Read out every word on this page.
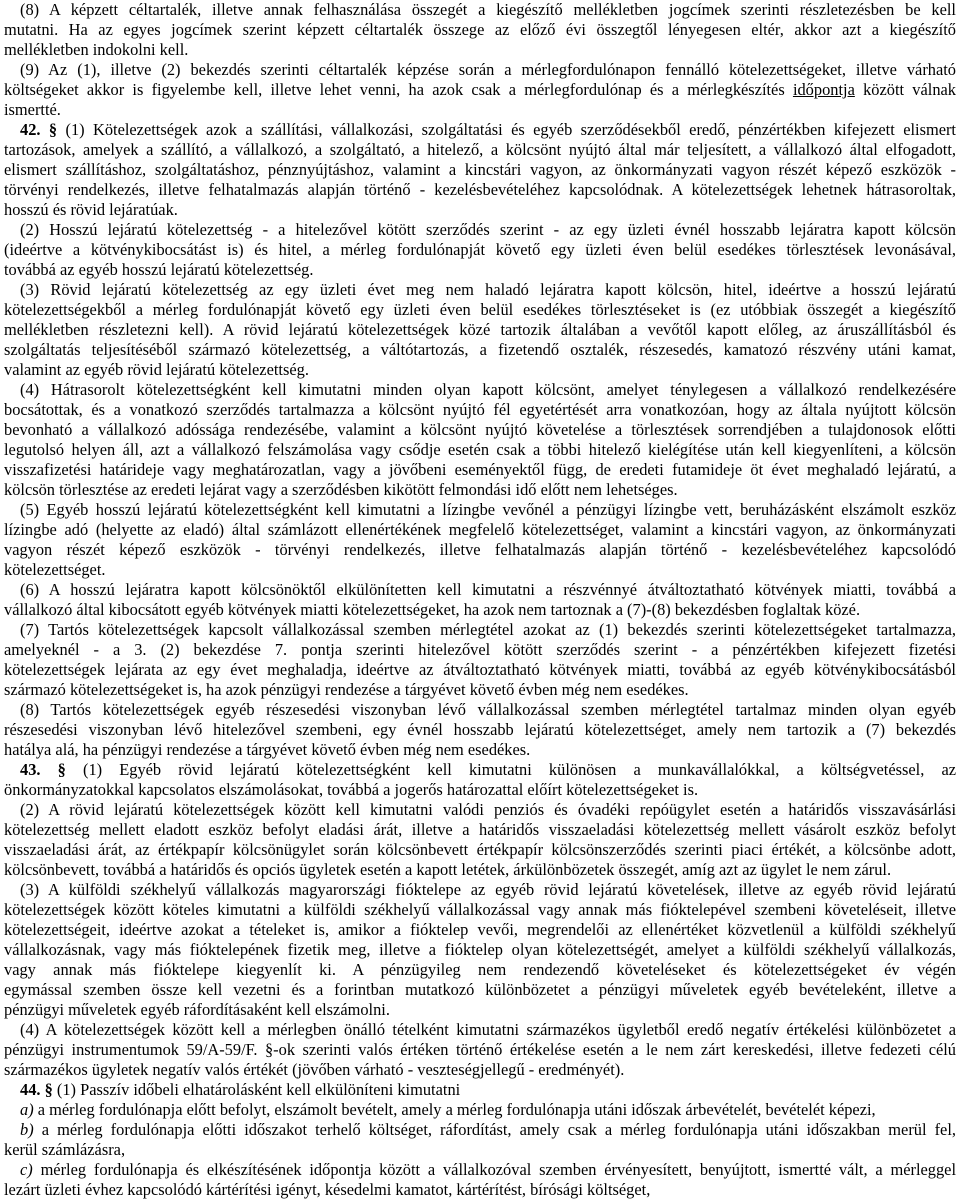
(8) A képzett céltartalék, illetve annak felhasználása összegét a kiegészítő mellékletben jogcímek szerinti részletezésben be kell
mutatni. Ha az egyes jogcímek szerint képzett céltartalék összege az előző évi összegtől lényegesen eltér, akkor azt a kiegészítő
mellékletben indokolni kell.
(9) Az (1), illetve (2) bekezdés szerinti céltartalék képzése során a mérlegfordulónapon fennálló kötelezettségeket, illetve várható
költségeket akkor is figyelembe kell, illetve lehet venni, ha azok csak a mérlegfordulónap és a mérlegkészítés időpontja között válnak
ismertté.
42. § (1) Kötelezettségek azok a szállítási, vállalkozási, szolgáltatási és egyéb szerződésekből eredő, pénzértékben kifejezett elismert
tartozások, amelyek a szállító, a vállalkozó, a szolgáltató, a hitelező, a kölcsönt nyújtó által már teljesített, a vállalkozó által elfogadott,
elismert szállításhoz, szolgáltatáshoz, pénznyújtáshoz, valamint a kincstári vagyon, az önkormányzati vagyon részét képező eszközök -
törvényi rendelkezés, illetve felhatalmazás alapján történő - kezelésbevételéhez kapcsolódnak. A kötelezettségek lehetnek hátrasoroltak,
hosszú és rövid lejáratúak.
(2) Hosszú lejáratú kötelezettség - a hitelezővel kötött szerződés szerint - az egy üzleti évnél hosszabb lejáratra kapott kölcsön
(ideértve a kötvénykibocsátást is) és hitel, a mérleg fordulónapját követő egy üzleti éven belül esedékes törlesztések levonásával,
továbbá az egyéb hosszú lejáratú kötelezettség.
(3) Rövid lejáratú kötelezettség az egy üzleti évet meg nem haladó lejáratra kapott kölcsön, hitel, ideértve a hosszú lejáratú
kötelezettségekből a mérleg fordulónapját követő egy üzleti éven belül esedékes törlesztéseket is (ez utóbbiak összegét a kiegészítő
mellékletben részletezni kell). A rövid lejáratú kötelezettségek közé tartozik általában a vevőtől kapott előleg, az áruszállításból és
szolgáltatás teljesítéséből származó kötelezettség, a váltótartozás, a fizetendő osztalék, részesedés, kamatozó részvény utáni kamat,
valamint az egyéb rövid lejáratú kötelezettség.
(4) Hátrasorolt kötelezettségként kell kimutatni minden olyan kapott kölcsönt, amelyet ténylegesen a vállalkozó rendelkezésére
bocsátottak, és a vonatkozó szerződés tartalmazza a kölcsönt nyújtó fél egyetértését arra vonatkozóan, hogy az általa nyújtott kölcsön
bevonható a vállalkozó adóssága rendezésébe, valamint a kölcsönt nyújtó követelése a törlesztések sorrendjében a tulajdonosok előtti
legutolsó helyen áll, azt a vállalkozó felszámolása vagy csődje esetén csak a többi hitelező kielégítése után kell kiegyenlíteni, a kölcsön
visszafizetési határideje vagy meghatározatlan, vagy a jövőbeni eseményektől függ, de eredeti futamideje öt évet meghaladó lejáratú, a
kölcsön törlesztése az eredeti lejárat vagy a szerződésben kikötött felmondási idő előtt nem lehetséges.
(5) Egyéb hosszú lejáratú kötelezettségként kell kimutatni a lízingbe vevőnél a pénzügyi lízingbe vett, beruházásként elszámolt eszköz
lízingbe adó (helyette az eladó) által számlázott ellenértékének megfelelő kötelezettséget, valamint a kincstári vagyon, az önkormányzati
vagyon részét képező eszközök - törvényi rendelkezés, illetve felhatalmazás alapján történő - kezelésbevételéhez kapcsolódó
kötelezettséget.
(6) A hosszú lejáratra kapott kölcsönöktől elkülönítetten kell kimutatni a részvénnyé átváltoztatható kötvények miatti, továbbá a
vállalkozó által kibocsátott egyéb kötvények miatti kötelezettségeket, ha azok nem tartoznak a (7)-(8) bekezdésben foglaltak közé.
(7) Tartós kötelezettségek kapcsolt vállalkozással szemben mérlegtétel azokat az (1) bekezdés szerinti kötelezettségeket tartalmazza,
amelyeknél - a 3. (2) bekezdése 7. pontja szerinti hitelezővel kötött szerződés szerint - a pénzértékben kifejezett fizetési
kötelezettségek lejárata az egy évet meghaladja, ideértve az átváltoztatható kötvények miatti, továbbá az egyéb kötvénykibocsátásból
származó kötelezettségeket is, ha azok pénzügyi rendezése a tárgyévet követő évben még nem esedékes.
(8) Tartós kötelezettségek egyéb részesedési viszonyban lévő vállalkozással szemben mérlegtétel tartalmaz minden olyan egyéb
részesedési viszonyban lévő hitelezővel szembeni, egy évnél hosszabb lejáratú kötelezettséget, amely nem tartozik a (7) bekezdés
hatálya alá, ha pénzügyi rendezése a tárgyévet követő évben még nem esedékes.
43. § (1) Egyéb rövid lejáratú kötelezettségként kell kimutatni különösen a munkavállalókkal, a költségvetéssel, az
önkormányzatokkal kapcsolatos elszámolásokat, továbbá a jogerős határozattal előírt kötelezettségeket is.
(2) A rövid lejáratú kötelezettségek között kell kimutatni valódi penziós és óvadéki repóügylet esetén a határidős visszavásárlási
kötelezettség mellett eladott eszköz befolyt eladási árát, illetve a határidős visszaeladási kötelezettség mellett vásárolt eszköz befolyt
visszaeladási árát, az értékpapír kölcsönügylet során kölcsönbevett értékpapír kölcsönszerződés szerinti piaci értékét, a kölcsönbe adott,
kölcsönbevett, továbbá a határidős és opciós ügyletek esetén a kapott letétek, árkülönbözetek összegét, amíg azt az ügylet le nem zárul.
(3) A külföldi székhelyű vállalkozás magyarországi fióktelepe az egyéb rövid lejáratú követelések, illetve az egyéb rövid lejáratú
kötelezettségek között köteles kimutatni a külföldi székhelyű vállalkozással vagy annak más fióktelepével szembeni követeléseit, illetve
kötelezettségeit, ideértve azokat a tételeket is, amikor a fióktelep vevői, megrendelői az ellenértéket közvetlenül a külföldi székhelyű
vállalkozásnak, vagy más fióktelepének fizetik meg, illetve a fióktelep olyan kötelezettségét, amelyet a külföldi székhelyű vállalkozás,
vagy annak más fióktelepe kiegyenlít ki. A pénzügyileg nem rendezendő követeléseket és kötelezettségeket év végén
egymással szemben össze kell vezetni és a forintban mutatkozó különbözetet a pénzügyi műveletek egyéb bevételeként, illetve a
pénzügyi műveletek egyéb ráfordításaként kell elszámolni.
(4) A kötelezettségek között kell a mérlegben önálló tételként kimutatni származékos ügyletből eredő negatív értékelési különbözetet a
pénzügyi instrumentumok 59/A-59/F. §-ok szerinti valós értéken történő értékelése esetén a le nem zárt kereskedési, illetve fedezeti célú
származékos ügyletek negatív valós értékét (jövőben várható - veszteségjellegű - eredményét).
44. § (1) Passzív időbeli elhatárolásként kell elkülöníteni kimutatni
a) a mérleg fordulónapja előtt befolyt, elszámolt bevételt, amely a mérleg fordulónapja utáni időszak árbevételét, bevételét képezi,
b) a mérleg fordulónapja előtti időszakot terhelő költséget, ráfordítást, amely csak a mérleg fordulónapja utáni időszakban merül fel,
kerül számlázásra,
c) mérleg fordulónapja és elkészítésének időpontja között a vállalkozóval szemben érvényesített, benyújtott, ismertté vált, a mérleggel
lezárt üzleti évhez kapcsolódó kártérítési igényt, késedelmi kamatot, kártérítést, bírósági költséget,
